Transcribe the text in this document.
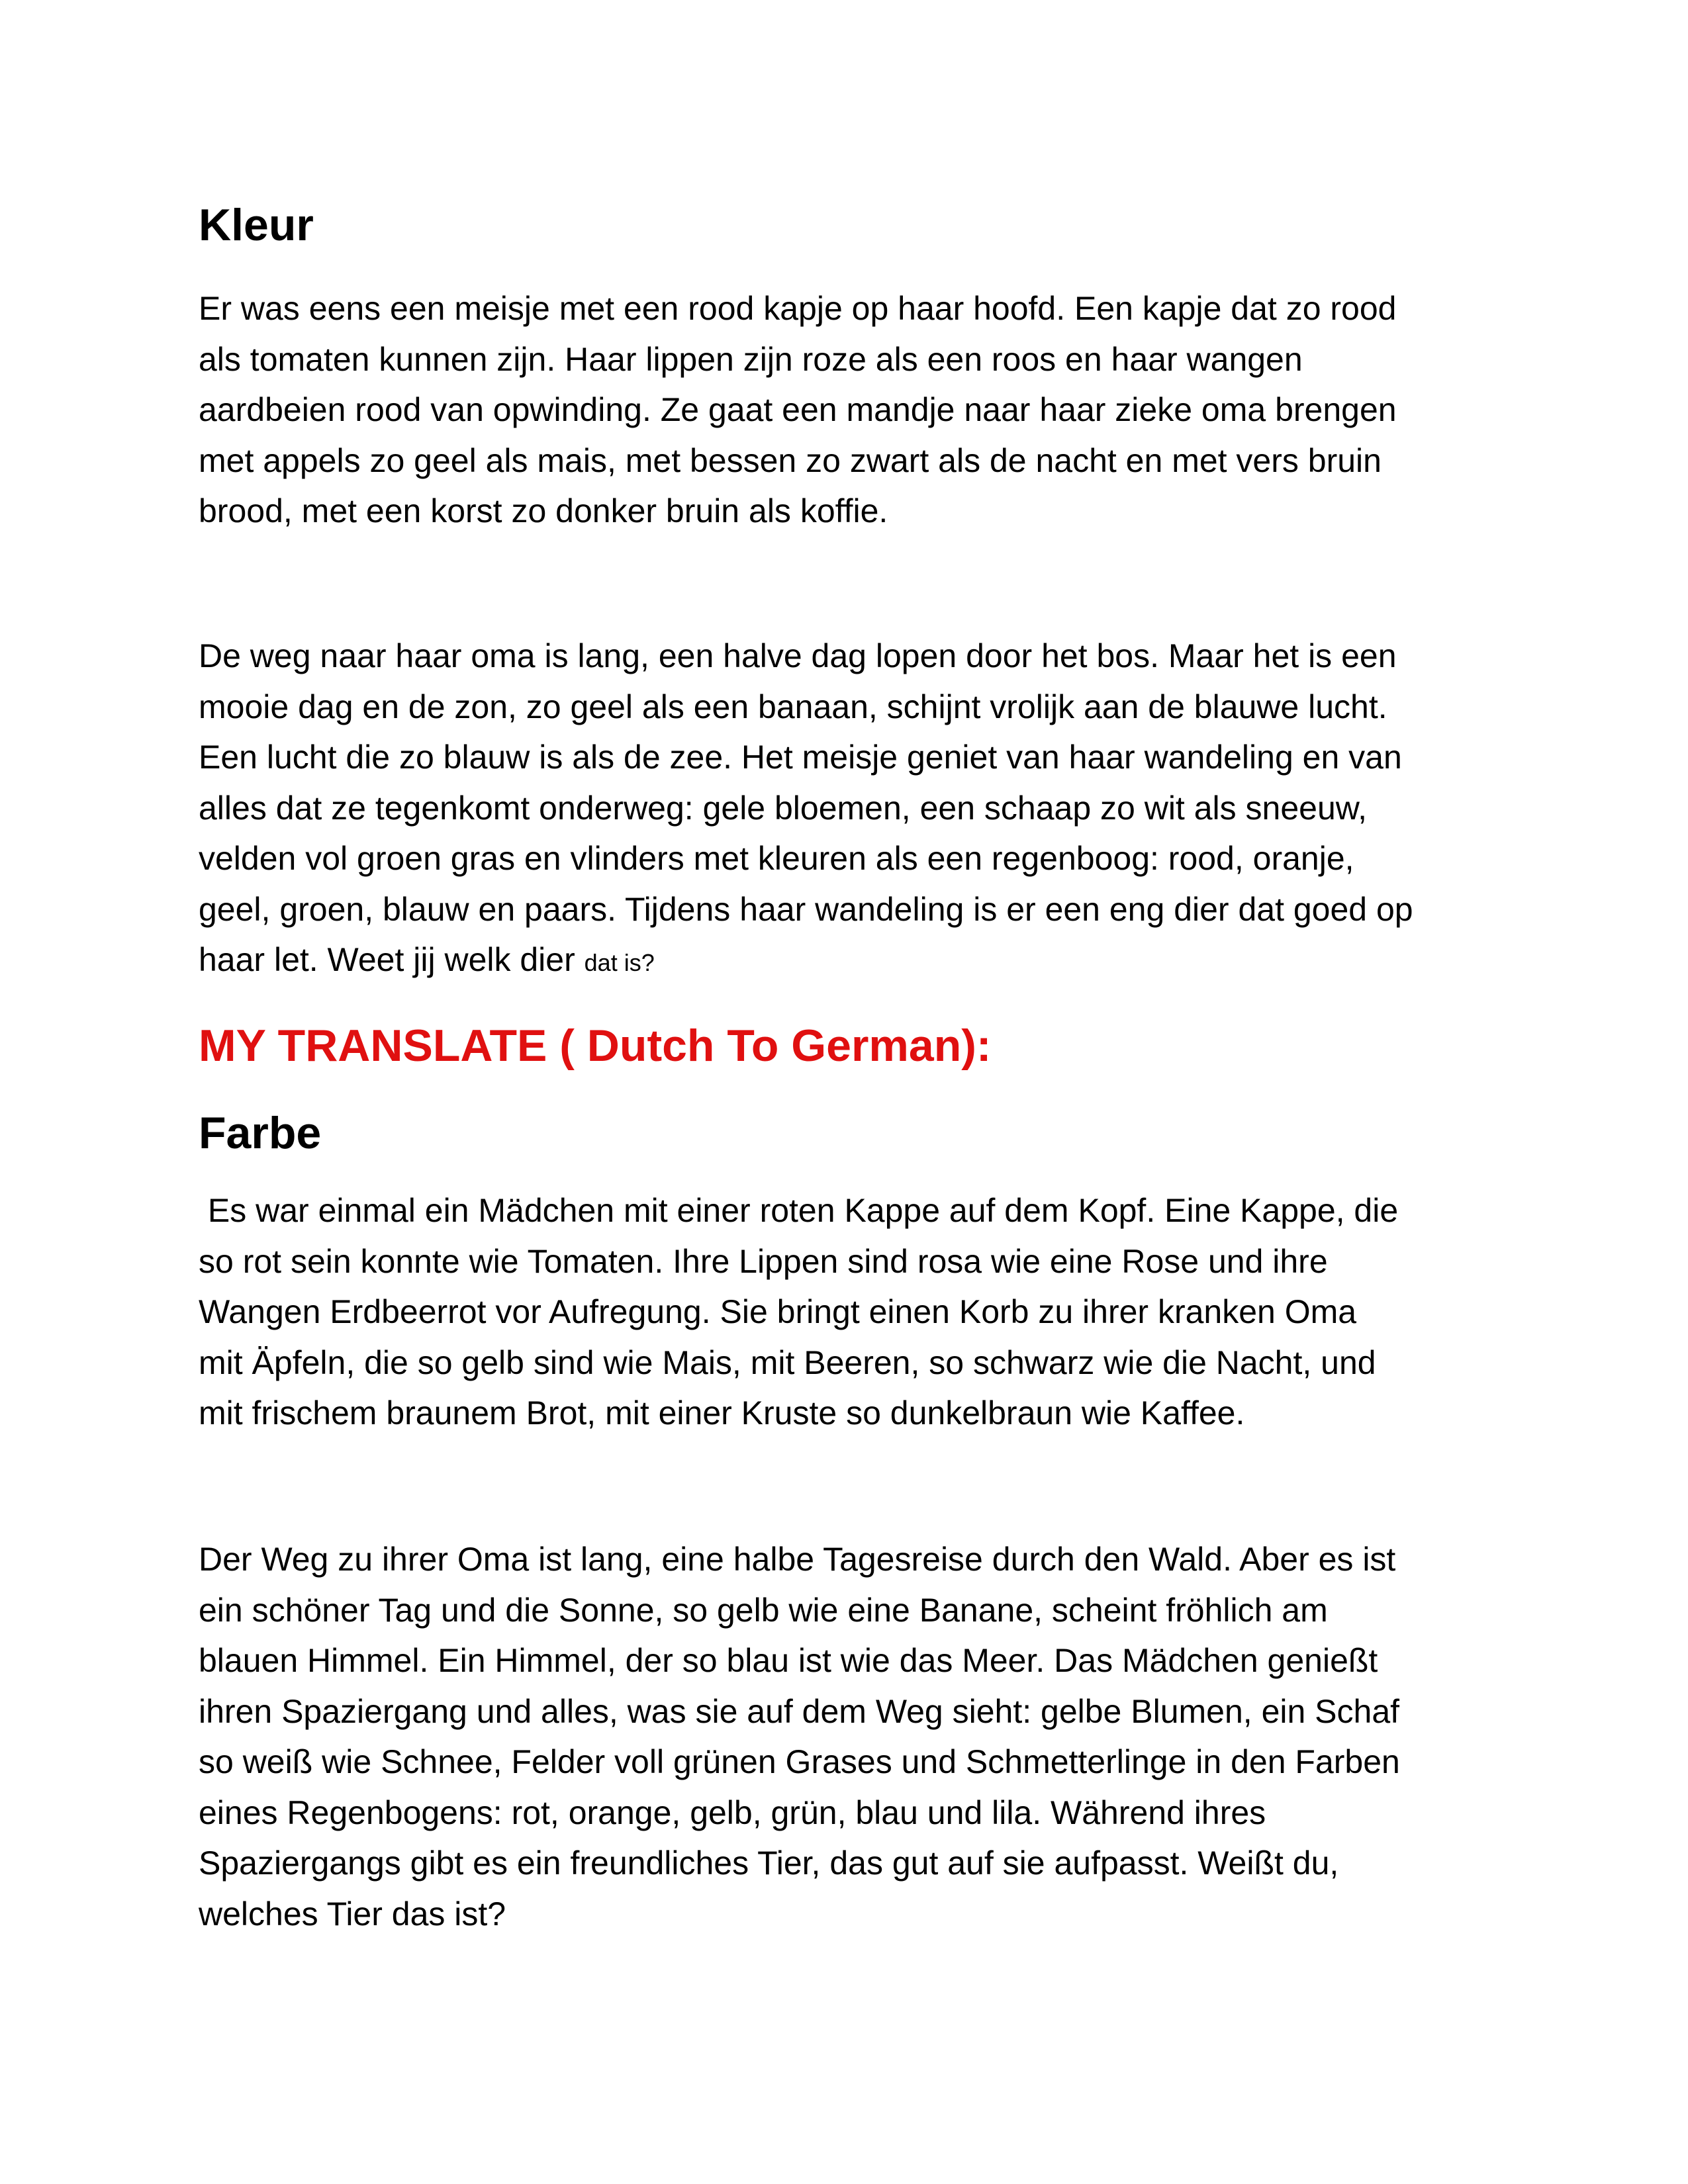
Kleur
Er was eens een meisje met een rood kapje op haar hoofd. Een kapje dat zo rood
als tomaten kunnen zijn. Haar lippen zijn roze als een roos en haar wangen
aardbeien rood van opwinding. Ze gaat een mandje naar haar zieke oma brengen
met appels zo geel als mais, met bessen zo zwart als de nacht en met vers bruin
brood, met een korst zo donker bruin als koffie.
De weg naar haar oma is lang, een halve dag lopen door het bos. Maar het is een
mooie dag en de zon, zo geel als een banaan, schijnt vrolijk aan de blauwe lucht.
Een lucht die zo blauw is als de zee. Het meisje geniet van haar wandeling en van
alles dat ze tegenkomt onderweg: gele bloemen, een schaap zo wit als sneeuw,
velden vol groen gras en vlinders met kleuren als een regenboog: rood, oranje,
geel, groen, blauw en paars. Tijdens haar wandeling is er een eng dier dat goed op
haar let. Weet jij welk dier dat is?
MY TRANSLATE ( Dutch To German):
Farbe
Es war einmal ein Mädchen mit einer roten Kappe auf dem Kopf. Eine Kappe, die
so rot sein konnte wie Tomaten. Ihre Lippen sind rosa wie eine Rose und ihre
Wangen Erdbeerrot vor Aufregung. Sie bringt einen Korb zu ihrer kranken Oma
mit Äpfeln, die so gelb sind wie Mais, mit Beeren, so schwarz wie die Nacht, und
mit frischem braunem Brot, mit einer Kruste so dunkelbraun wie Kaffee.
Der Weg zu ihrer Oma ist lang, eine halbe Tagesreise durch den Wald. Aber es ist
ein schöner Tag und die Sonne, so gelb wie eine Banane, scheint fröhlich am
blauen Himmel. Ein Himmel, der so blau ist wie das Meer. Das Mädchen genießt
ihren Spaziergang und alles, was sie auf dem Weg sieht: gelbe Blumen, ein Schaf
so weiß wie Schnee, Felder voll grünen Grases und Schmetterlinge in den Farben
eines Regenbogens: rot, orange, gelb, grün, blau und lila. Während ihres
Spaziergangs gibt es ein freundliches Tier, das gut auf sie aufpasst. Weißt du,
welches Tier das ist?
